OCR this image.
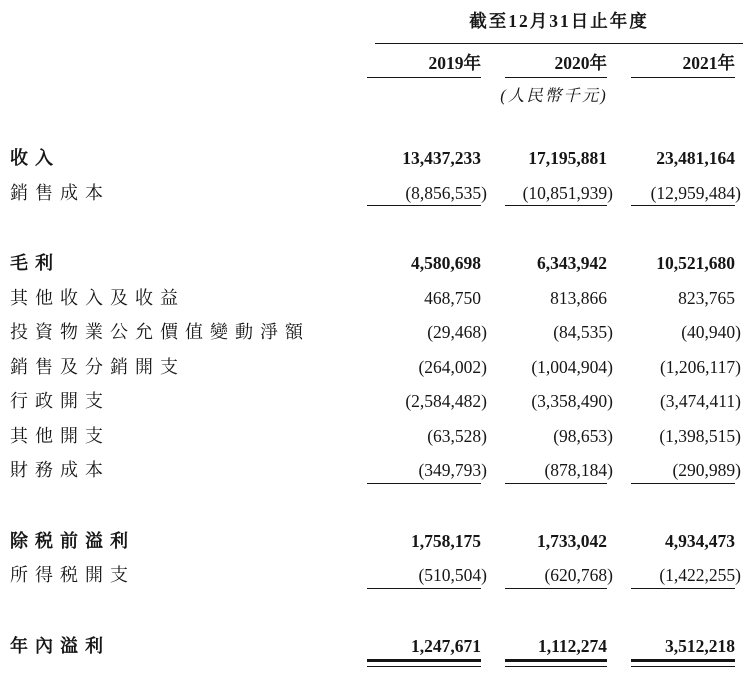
截至12月31日止年度
2019年	2020年	2021年
(人民幣千元)
收入	13,437,233	17,195,881	23,481,164
銷售成本	(8,856,535)	(10,851,939)	(12,959,484)
毛利	4,580,698	6,343,942	10,521,680
其他收入及收益	468,750	813,866	823,765
投資物業公允價值變動淨額	(29,468)	(84,535)	(40,940)
銷售及分銷開支	(264,002)	(1,004,904)	(1,206,117)
行政開支	(2,584,482)	(3,358,490)	(3,474,411)
其他開支	(63,528)	(98,653)	(1,398,515)
財務成本	(349,793)	(878,184)	(290,989)
除税前溢利	1,758,175	1,733,042	4,934,473
所得税開支	(510,504)	(620,768)	(1,422,255)
年內溢利	1,247,671	1,112,274	3,512,218
